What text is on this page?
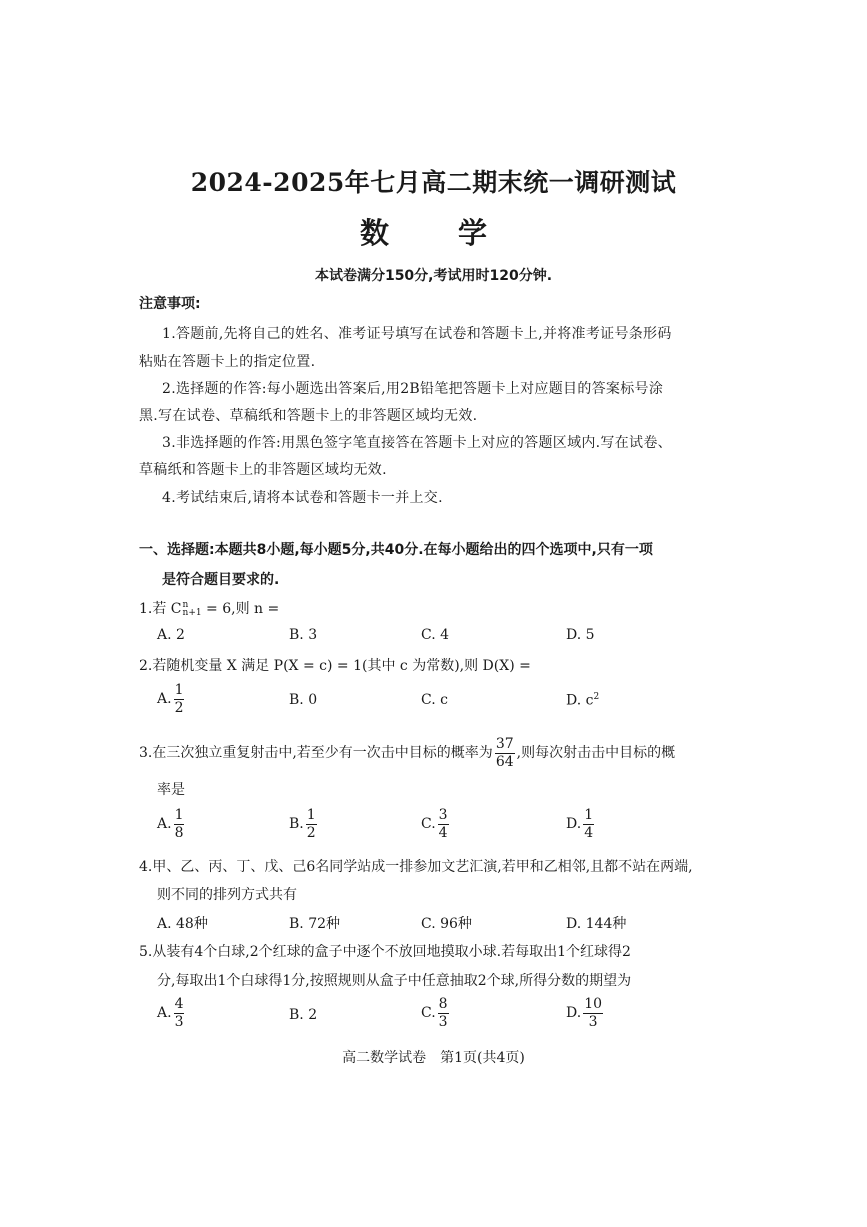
2024-2025年七月高二期末统一调研测试
数　学
本试卷满分150分,考试用时120分钟.
注意事项:
1.答题前,先将自己的姓名、准考证号填写在试卷和答题卡上,并将准考证号条形码
粘贴在答题卡上的指定位置.
2.选择题的作答:每小题选出答案后,用2B铅笔把答题卡上对应题目的答案标号涂
黑.写在试卷、草稿纸和答题卡上的非答题区域均无效.
3.非选择题的作答:用黑色签字笔直接答在答题卡上对应的答题区域内.写在试卷、
草稿纸和答题卡上的非答题区域均无效.
4.考试结束后,请将本试卷和答题卡一并上交.
一、选择题:本题共8小题,每小题5分,共40分.在每小题给出的四个选项中,只有一项
是符合题目要求的.
1.若 C n
n+1 = 6,则 n =
A. 2	B. 3	C. 4	D. 5
2.若随机变量 X 满足 P(X = c) = 1(其中 c 为常数),则 D(X) =
A. $\frac{1}{2}$	B. 0	C. c	D. $c^2$
3.在三次独立重复射击中,若至少有一次击中目标的概率为 $\frac{37}{64}$ ,则每次射击击中目标的概
率是
A. $\frac{1}{8}$	B. $\frac{1}{2}$	C. $\frac{3}{4}$	D. $\frac{1}{4}$
4.甲、乙、丙、丁、戊、己6名同学站成一排参加文艺汇演,若甲和乙相邻,且都不站在两端,
则不同的排列方式共有
A. 48种	B. 72种	C. 96种	D. 144种
5.从装有4个白球,2个红球的盒子中逐个不放回地摸取小球.若每取出1个红球得2
分,每取出1个白球得1分,按照规则从盒子中任意抽取2个球,所得分数的期望为
A. $\frac{4}{3}$	B. 2	C. $\frac{8}{3}$	D. $\frac{10}{3}$
高二数学试卷　第1页(共4页)
